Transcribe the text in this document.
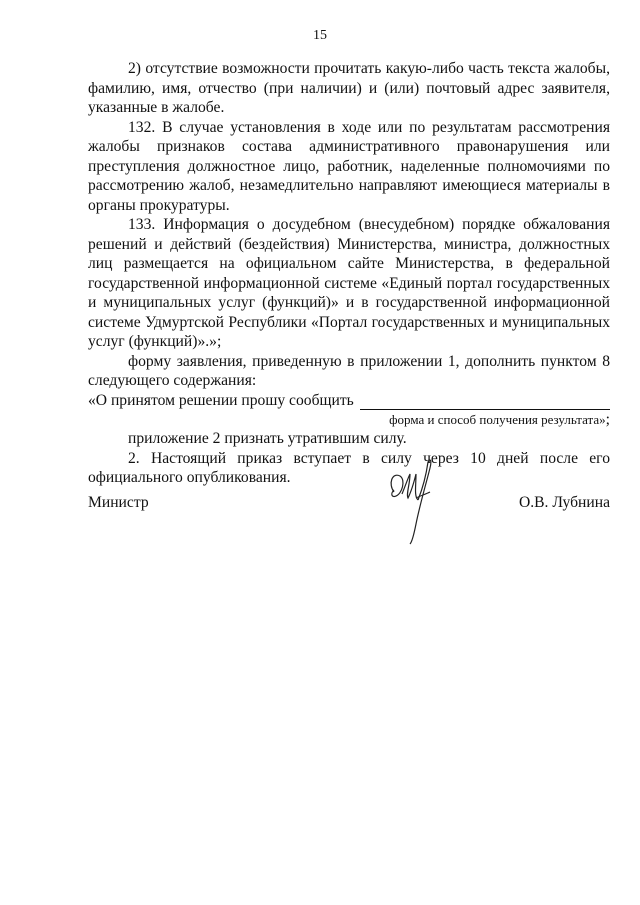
15

2) отсутствие возможности прочитать какую-либо часть текста жалобы, фамилию, имя, отчество (при наличии) и (или) почтовый адрес заявителя, указанные в жалобе.

132. В случае установления в ходе или по результатам рассмотрения жалобы признаков состава административного правонарушения или преступления должностное лицо, работник, наделенные полномочиями по рассмотрению жалоб, незамедлительно направляют имеющиеся материалы в органы прокуратуры.

133. Информация о досудебном (внесудебном) порядке обжалования решений и действий (бездействия) Министерства, министра, должностных лиц размещается на официальном сайте Министерства, в федеральной государственной информационной системе «Единый портал государственных и муниципальных услуг (функций)» и в государственной информационной системе Удмуртской Республики «Портал государственных и муниципальных услуг (функций)».»;

форму заявления, приведенную в приложении 1, дополнить пунктом 8 следующего содержания:

«О принятом решении прошу сообщить

форма и способ получения результата»;

приложение 2 признать утратившим силу.

2. Настоящий приказ вступает в силу через 10 дней после его официального опубликования.

Министр	О.В. Лубнина
